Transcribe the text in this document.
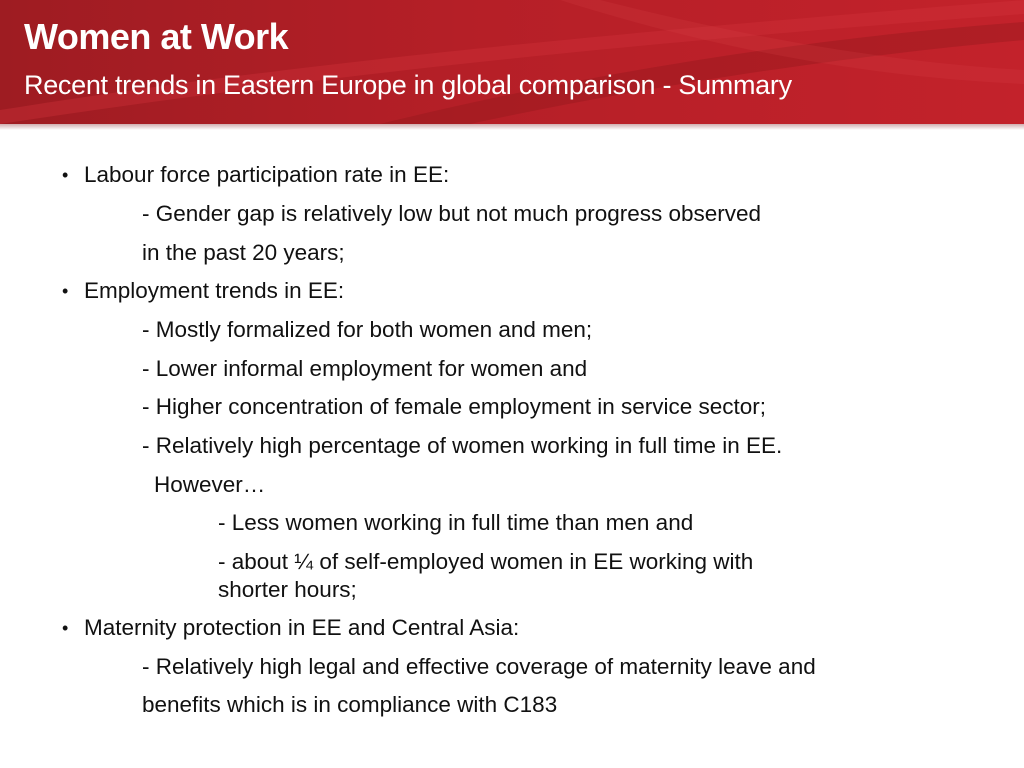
Women at Work
Recent trends in Eastern Europe in global comparison - Summary
• Labour force participation rate in EE:
- Gender gap is relatively low but not much progress observed
in the past 20 years;
• Employment trends in EE:
- Mostly formalized for both women and men;
- Lower informal employment for women and
- Higher concentration of female employment in service sector;
- Relatively high percentage of women working in full time in EE.
However…
- Less women working in full time than men and
- about ¼ of self-employed women in EE working with
shorter hours;
• Maternity protection in EE and Central Asia:
- Relatively high legal and effective coverage of maternity leave and
benefits which is in compliance with C183
